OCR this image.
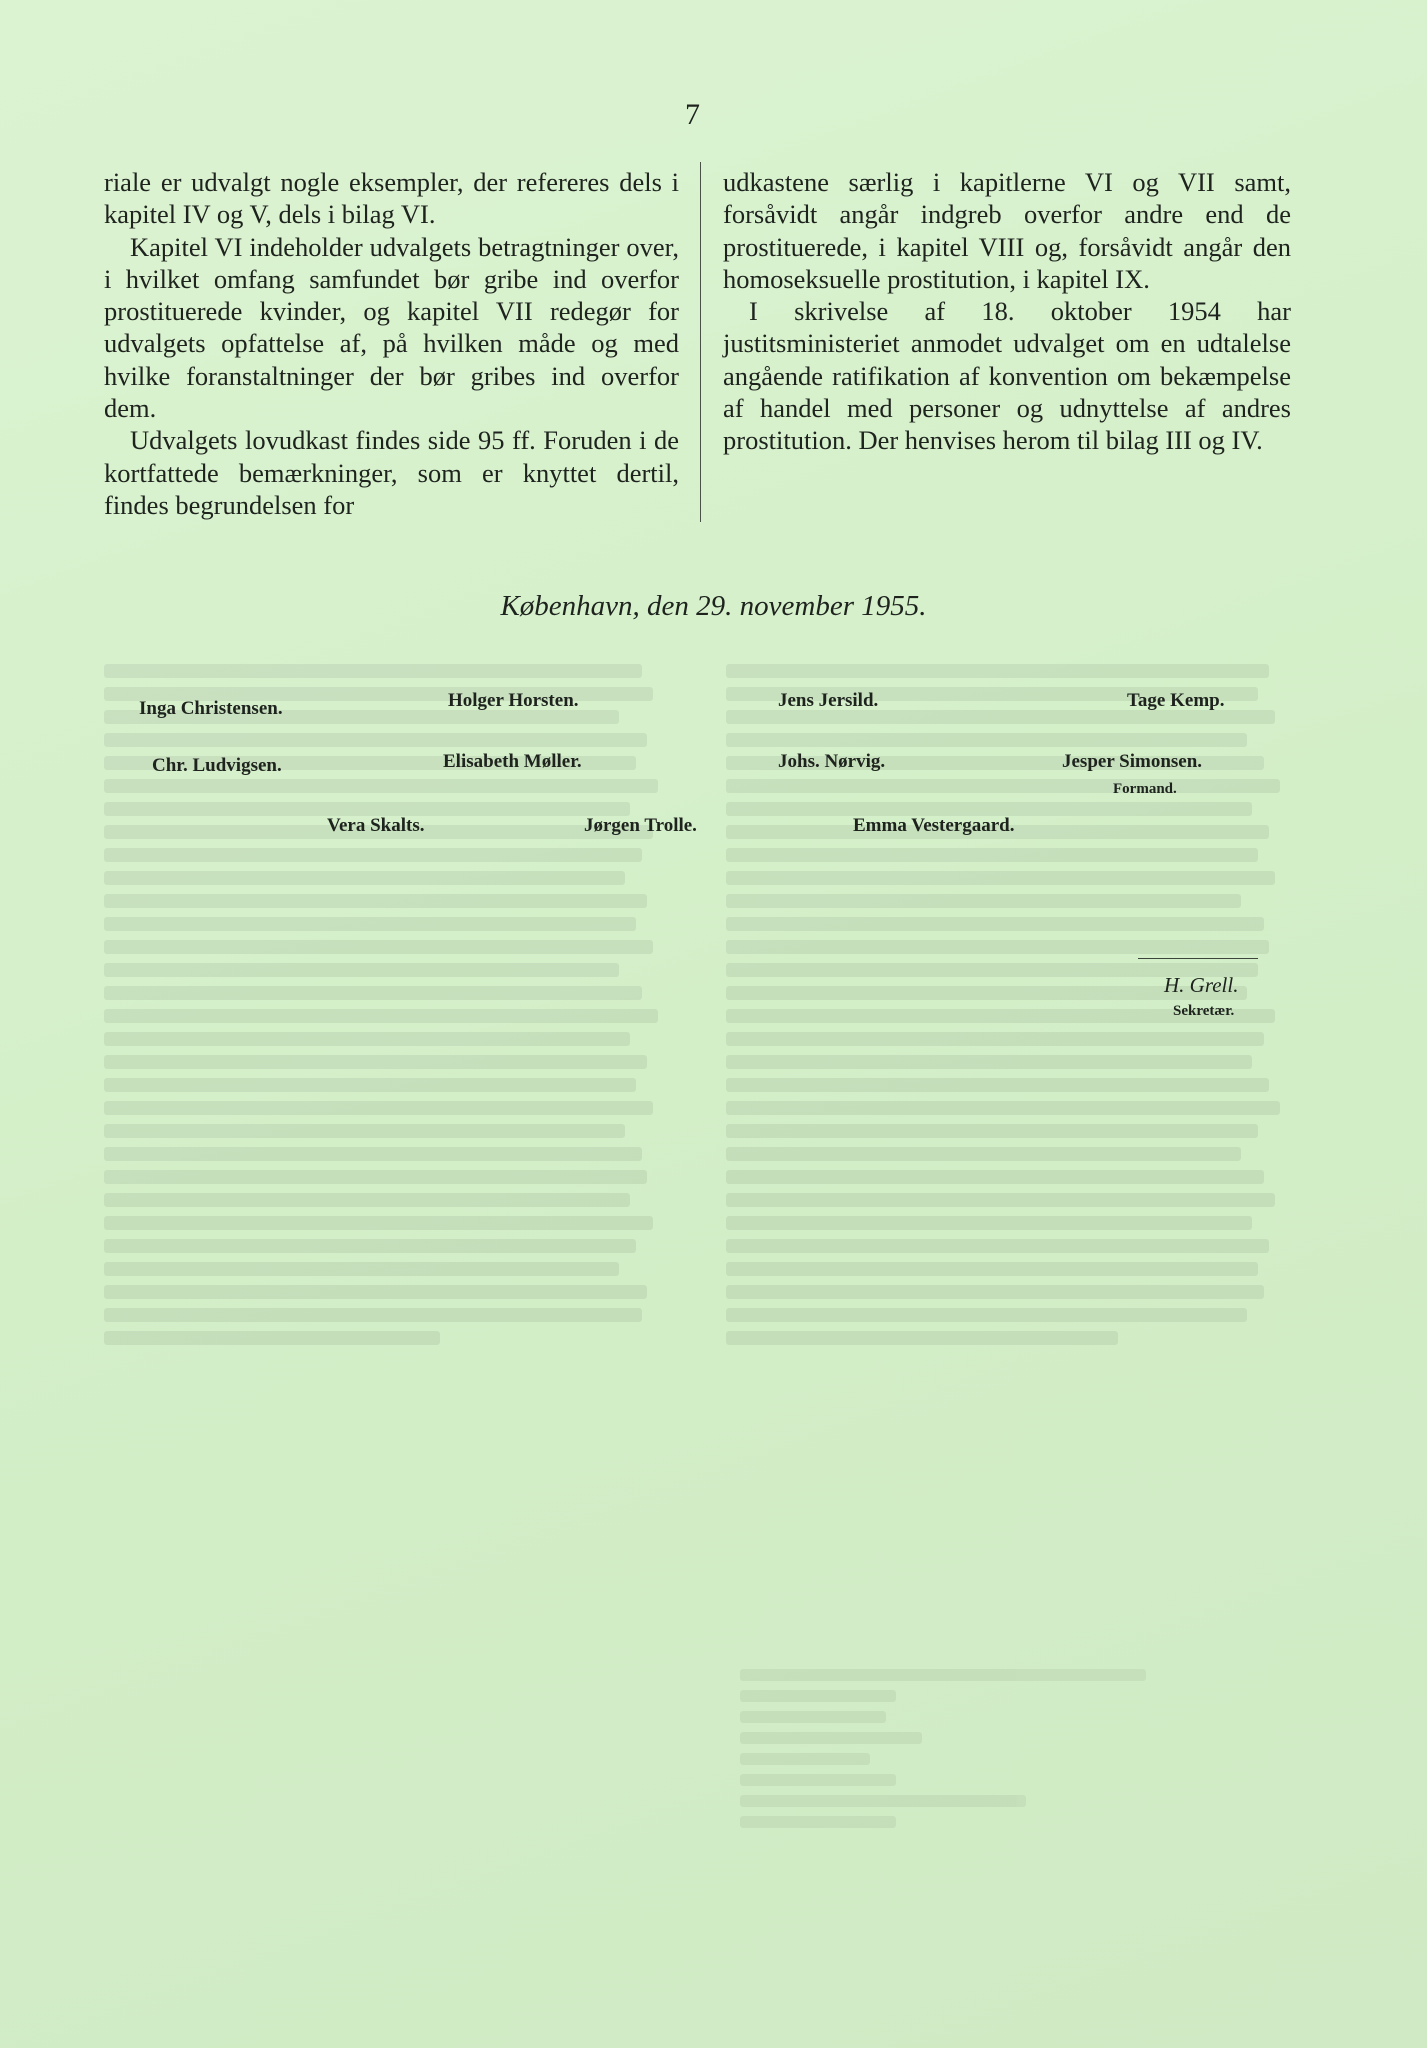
7

riale er udvalgt nogle eksempler, der refereres dels i kapitel IV og V, dels i bilag VI.

Kapitel VI indeholder udvalgets betragtninger over, i hvilket omfang samfundet bør gribe ind overfor prostituerede kvinder, og kapitel VII redegør for udvalgets opfattelse af, på hvilken måde og med hvilke foranstaltninger der bør gribes ind overfor dem.

Udvalgets lovudkast findes side 95 ff. Foruden i de kortfattede bemærkninger, som er knyttet dertil, findes begrundelsen for

udkastene særlig i kapitlerne VI og VII samt, forsåvidt angår indgreb overfor andre end de prostituerede, i kapitel VIII og, forsåvidt angår den homoseksuelle prostitution, i kapitel IX.

I skrivelse af 18. oktober 1954 har justitsministeriet anmodet udvalget om en udtalelse angående ratifikation af konvention om bekæmpelse af handel med personer og udnyttelse af andres prostitution. Der henvises herom til bilag III og IV.

København, den 29. november 1955.
Inga Christensen.	Holger Horsten.	Jens Jersild.	Tage Kemp.
Chr. Ludvigsen.	Elisabeth Møller.	Johs. Nørvig.	Jesper Simonsen.
Formand.
Vera Skalts.	Jørgen Trolle.	Emma Vestergaard.
H. Grell.
Sekretær.
